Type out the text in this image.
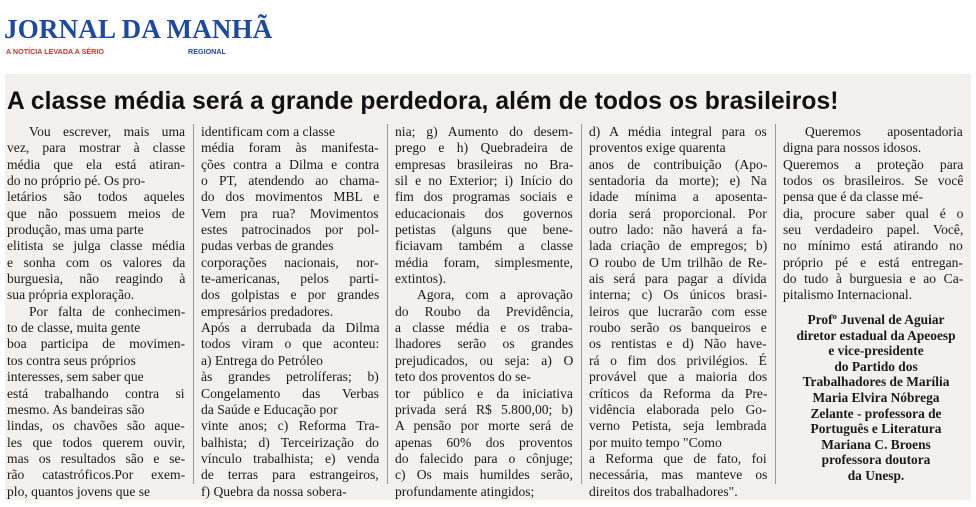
JORNAL DA MANHÃ
A NOTÍCIA LEVADA A SÉRIO	REGIONAL
A classe média será a grande perdedora, além de todos os brasileiros!
Vou escrever, mais uma
vez, para mostrar à classe
média que ela está atiran-
do no próprio pé. Os pro-
letários são todos aqueles
que não possuem meios de
produção, mas uma parte
elitista se julga classe média
e sonha com os valores da
burguesia, não reagindo à
sua própria exploração.
Por falta de conhecimen-
to de classe, muita gente
boa participa de movimen-
tos contra seus próprios
interesses, sem saber que
está trabalhando contra si
mesmo. As bandeiras são
lindas, os chavões são aque-
les que todos querem ouvir,
mas os resultados são e se-
rão catastróficos.Por exem-
plo, quantos jovens que se
identificam com a classe
média foram às manifesta-
ções contra a Dilma e contra
o PT, atendendo ao chama-
do dos movimentos MBL e
Vem pra rua? Movimentos
estes patrocinados por pol-
pudas verbas de grandes
corporações nacionais, nor-
te-americanas, pelos parti-
dos golpistas e por grandes
empresários predadores.
Após a derrubada da Dilma
todos viram o que aconteu:
a) Entrega do Petróleo
às grandes petrolíferas; b)
Congelamento das Verbas
da Saúde e Educação por
vinte anos; c) Reforma Tra-
balhista; d) Terceirização do
vínculo trabalhista; e) venda
de terras para estrangeiros,
f) Quebra da nossa sobera-
nia; g) Aumento do desem-
prego e h) Quebradeira de
empresas brasileiras no Bra-
sil e no Exterior; i) Início do
fim dos programas sociais e
educacionais dos governos
petistas (alguns que bene-
ficiavam também a classe
média foram, simplesmente,
extintos).
Agora, com a aprovação
do Roubo da Previdência,
a classe média e os traba-
lhadores serão os grandes
prejudicados, ou seja: a) O
teto dos proventos do se-
tor público e da iniciativa
privada será R$ 5.800,00; b)
A pensão por morte será de
apenas 60% dos proventos
do falecido para o cônjuge;
c) Os mais humildes serão,
profundamente atingidos;
d) A média integral para os
proventos exige quarenta
anos de contribuição (Apo-
sentadoria da morte); e) Na
idade mínima a aposenta-
doria será proporcional. Por
outro lado: não haverá a fa-
lada criação de empregos; b)
O roubo de Um trilhão de Re-
ais será para pagar a dívida
interna; c) Os únicos brasi-
leiros que lucrarão com esse
roubo serão os banqueiros e
os rentistas e d) Não have-
rá o fim dos privilégios. É
provável que a maioria dos
críticos da Reforma da Pre-
vidência elaborada pelo Go-
verno Petista, seja lembrada
por muito tempo "Como
a Reforma que de fato, foi
necessária, mas manteve os
direitos dos trabalhadores".
Queremos aposentadoria
digna para nossos idosos.
Queremos a proteção para
todos os brasileiros. Se você
pensa que é da classe mé-
dia, procure saber qual é o
seu verdadeiro papel. Você,
no mínimo está atirando no
próprio pé e está entregan-
do tudo à burguesia e ao Ca-
pitalismo Internacional.
Profº Juvenal de Aguiar
diretor estadual da Apeoesp
e vice-presidente
do Partido dos
Trabalhadores de Marília
Maria Elvira Nóbrega
Zelante - professora de
Português e Literatura
Mariana C. Broens
professora doutora
da Unesp.
